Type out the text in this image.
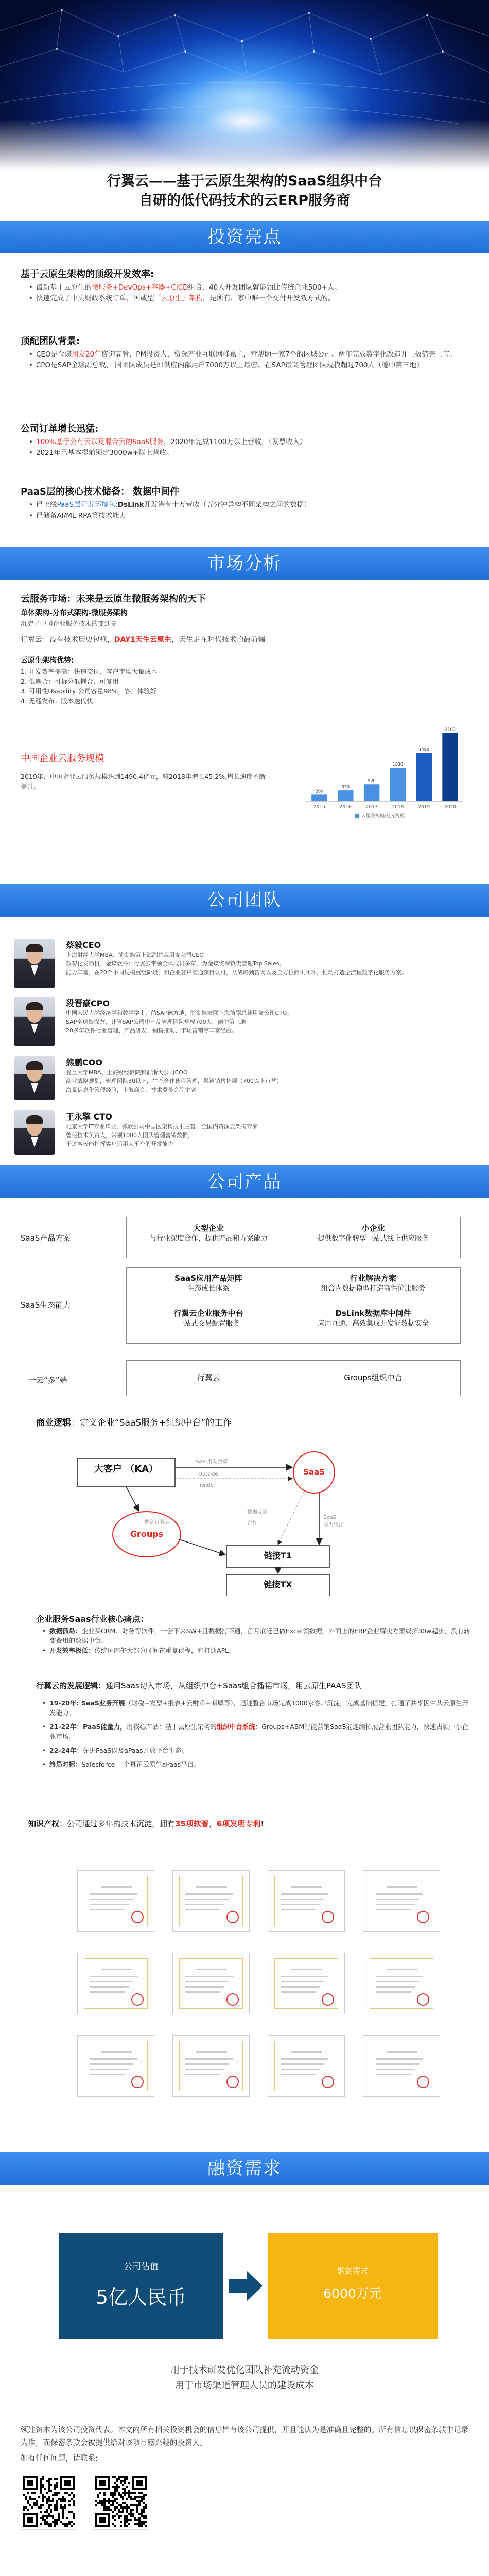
行翼云——基于云原生架构的SaaS组织中台
自研的低代码技术的云ERP服务商
投资亮点
基于云原生架构的顶级开发效率:
• 最新基于云原生的微服务+DevOps+容器+CICD组合，40人开发团队就能领比传统企业500+人。
• 快速完成了中央财政系统订单，国或型「云原生」架构，是所有厂家中唯一个交付开发效方式的。
顶配团队背景:
• CEO是金蝶用友20年咨询高管，PM投资人，资深产业互联网峰嘉主，营帮助一家7个的区域公司、两年完成数字化改造并上板借壳上市。
• CPO是SAP全球副总裁、 国团队成员是即供应内部用户7000万以上最密、在SAP最高管理团队规模超过700人（德中第三地）
公司订单增长迅猛:
• 100%基于公有云以及混合云的SaaS服务，2020年完成1100万以上营收，（发票收入）
• 2021年已基本提前锁定3000w+以上营收。
PaaS层的核心技术储备： 数据中间件
• 已上线PaaS层开发环境包:DsLink开发港有十万营收（五分钟异构不同架构之间的数据）
• 已储备AI/ML RPA等技术能力
市场分析
云服务市场：未来是云原生微服务架构的天下
单体架构-分布式架构-微服务架构
沉淀了中国企业服务技术的变迁史
行翼云：没有技术历史包袱，DAY1天生云原生，天生走在时代技术的最前端
云原生架构优势:
1. 开发效率提高：快速交付、客户市场大量成本
2. 低耦合：可拆分低耦合、可复用
3. 可用性Usability 公司容量98%，客户体验好
4. 无缝发布：版本迭代快
中国企业云服务规模
2019年、中国企业云服务规模达到1490.4亿元，较2018年增长45.2%,增长速度不断提升。
2015
200
2016
330
2017
520
2018
1030
2019
1490
2020
2100
云服务规模/亿元规模
公司团队
蔡毅CEO
上海财经大学MBA、前金蝶第上海副总裁用友公司CEO
数智化发动机、金蝶软件：行翼云带领全体成员多年，为金蝶资深负责管理Top Sales。
能力丰富，在20个不同规模重组阶段，和企业客户沟通获得认可，从战略到咨询以及全方位商机闭环，推动打造全流程数字化服务方案。
段晋豪CPO
中国人民大学经济学和数学学士，前SAP德方地，前金蝶友联上海前副总裁用友公司CPO。
SAP全球资深营，计管SAP公司中产品管理团队规模700人，德中第三地
20多年软件行业管理、产品研发、销售推动、市场营销等丰富经验。
熊鹏COO
复旦大学MBA、上海财经商院和前浙大公司COO
商业战略规划，管理团队30以上，生态合作伙伴管理，渠道销售拓展（700以上市营）
海量信息化管理经验，上海商会、技术委员会副主席
王永擎 CTO
北京大学IT专业毕业，微软公司中国区架构技术主管、全国内资深云架构专家
曾任技术负责人，带领1000人团队管理营销数据，
于过客云能指挥客户运用大平台的开发能力
公司产品
SaaS产品方案
大型企业
与行业深度合作，提供产品和方案能力
小企业
提供数字化转型一站式线上供应服务
SaaS生态能力
SaaS应用产品矩阵
生态成长体系
行业解决方案
组合内数据模型打造高性价比服务
行翼云企业服务中台
一站式交易配置服务
DsLink数据库中间件
应用互通、高效集成开发能数据安全
一云“多”端	行翼云	Groups组织中台
商业逻辑：定义企业“SaaS服务+组织中台”的工作
大客户 （KA）	SaaS
Groups
链接T1
链接TX
SAP 用友金蝶
Outside
Inside
整合行翼云
数据互通
合作
SaaS
能力输出
企业服务Saas行业核心痛点：
• 数据孤岛：企业买CRM、财务等软件，一套下来SW+且数据打不通，首月底还已做Excel领数据，外面上的ERP企业解决方案或拓30w起步，没有转变费用的数据中台。
• 开发效率极低：传统国内午大部分时间在重复谈程，和打通APL。
行翼云的发展逻辑：通用Saas切入市场，从组织中台+Saas组合播裙市场，用云原生PAAS团队
• 19-20年: SaaS业务开展（财税+发票+报表+云财币+商城等），迅速整合市场完成1000家客户沉淀，完成基础搭建，打通了共享因由从云原生开发能力。
• 21-22年：PaaS能量力，用核心产品：基于云原生架构的组织中台系统：Groups+ABM智能营销SaaS能连续拓展营业团队能力，快速占领中小企业市场。
• 22-24年：先进PaaS以及aPaas开放平台生态。
• 终局对标：Salesforce 一个真正云原生aPaas平台。
知识产权：公司通过多年的技术沉淀，拥有35项软著，6项发明专利!
融资需求
公司估值
5亿人民币
融资需求
6000万元
用于技术研发优化团队补充流动资金
用于市场渠道管理人员的建设成本
领建资本为该公司投资代表。本文内所有相关投资机会的信息皆有该公司提供，开且能认为是准确且完整的。所有信息以保密条款中记录为准，而保密条款会被提供给对该项目感兴趣的投资人。
如有任何问题，请联系:
